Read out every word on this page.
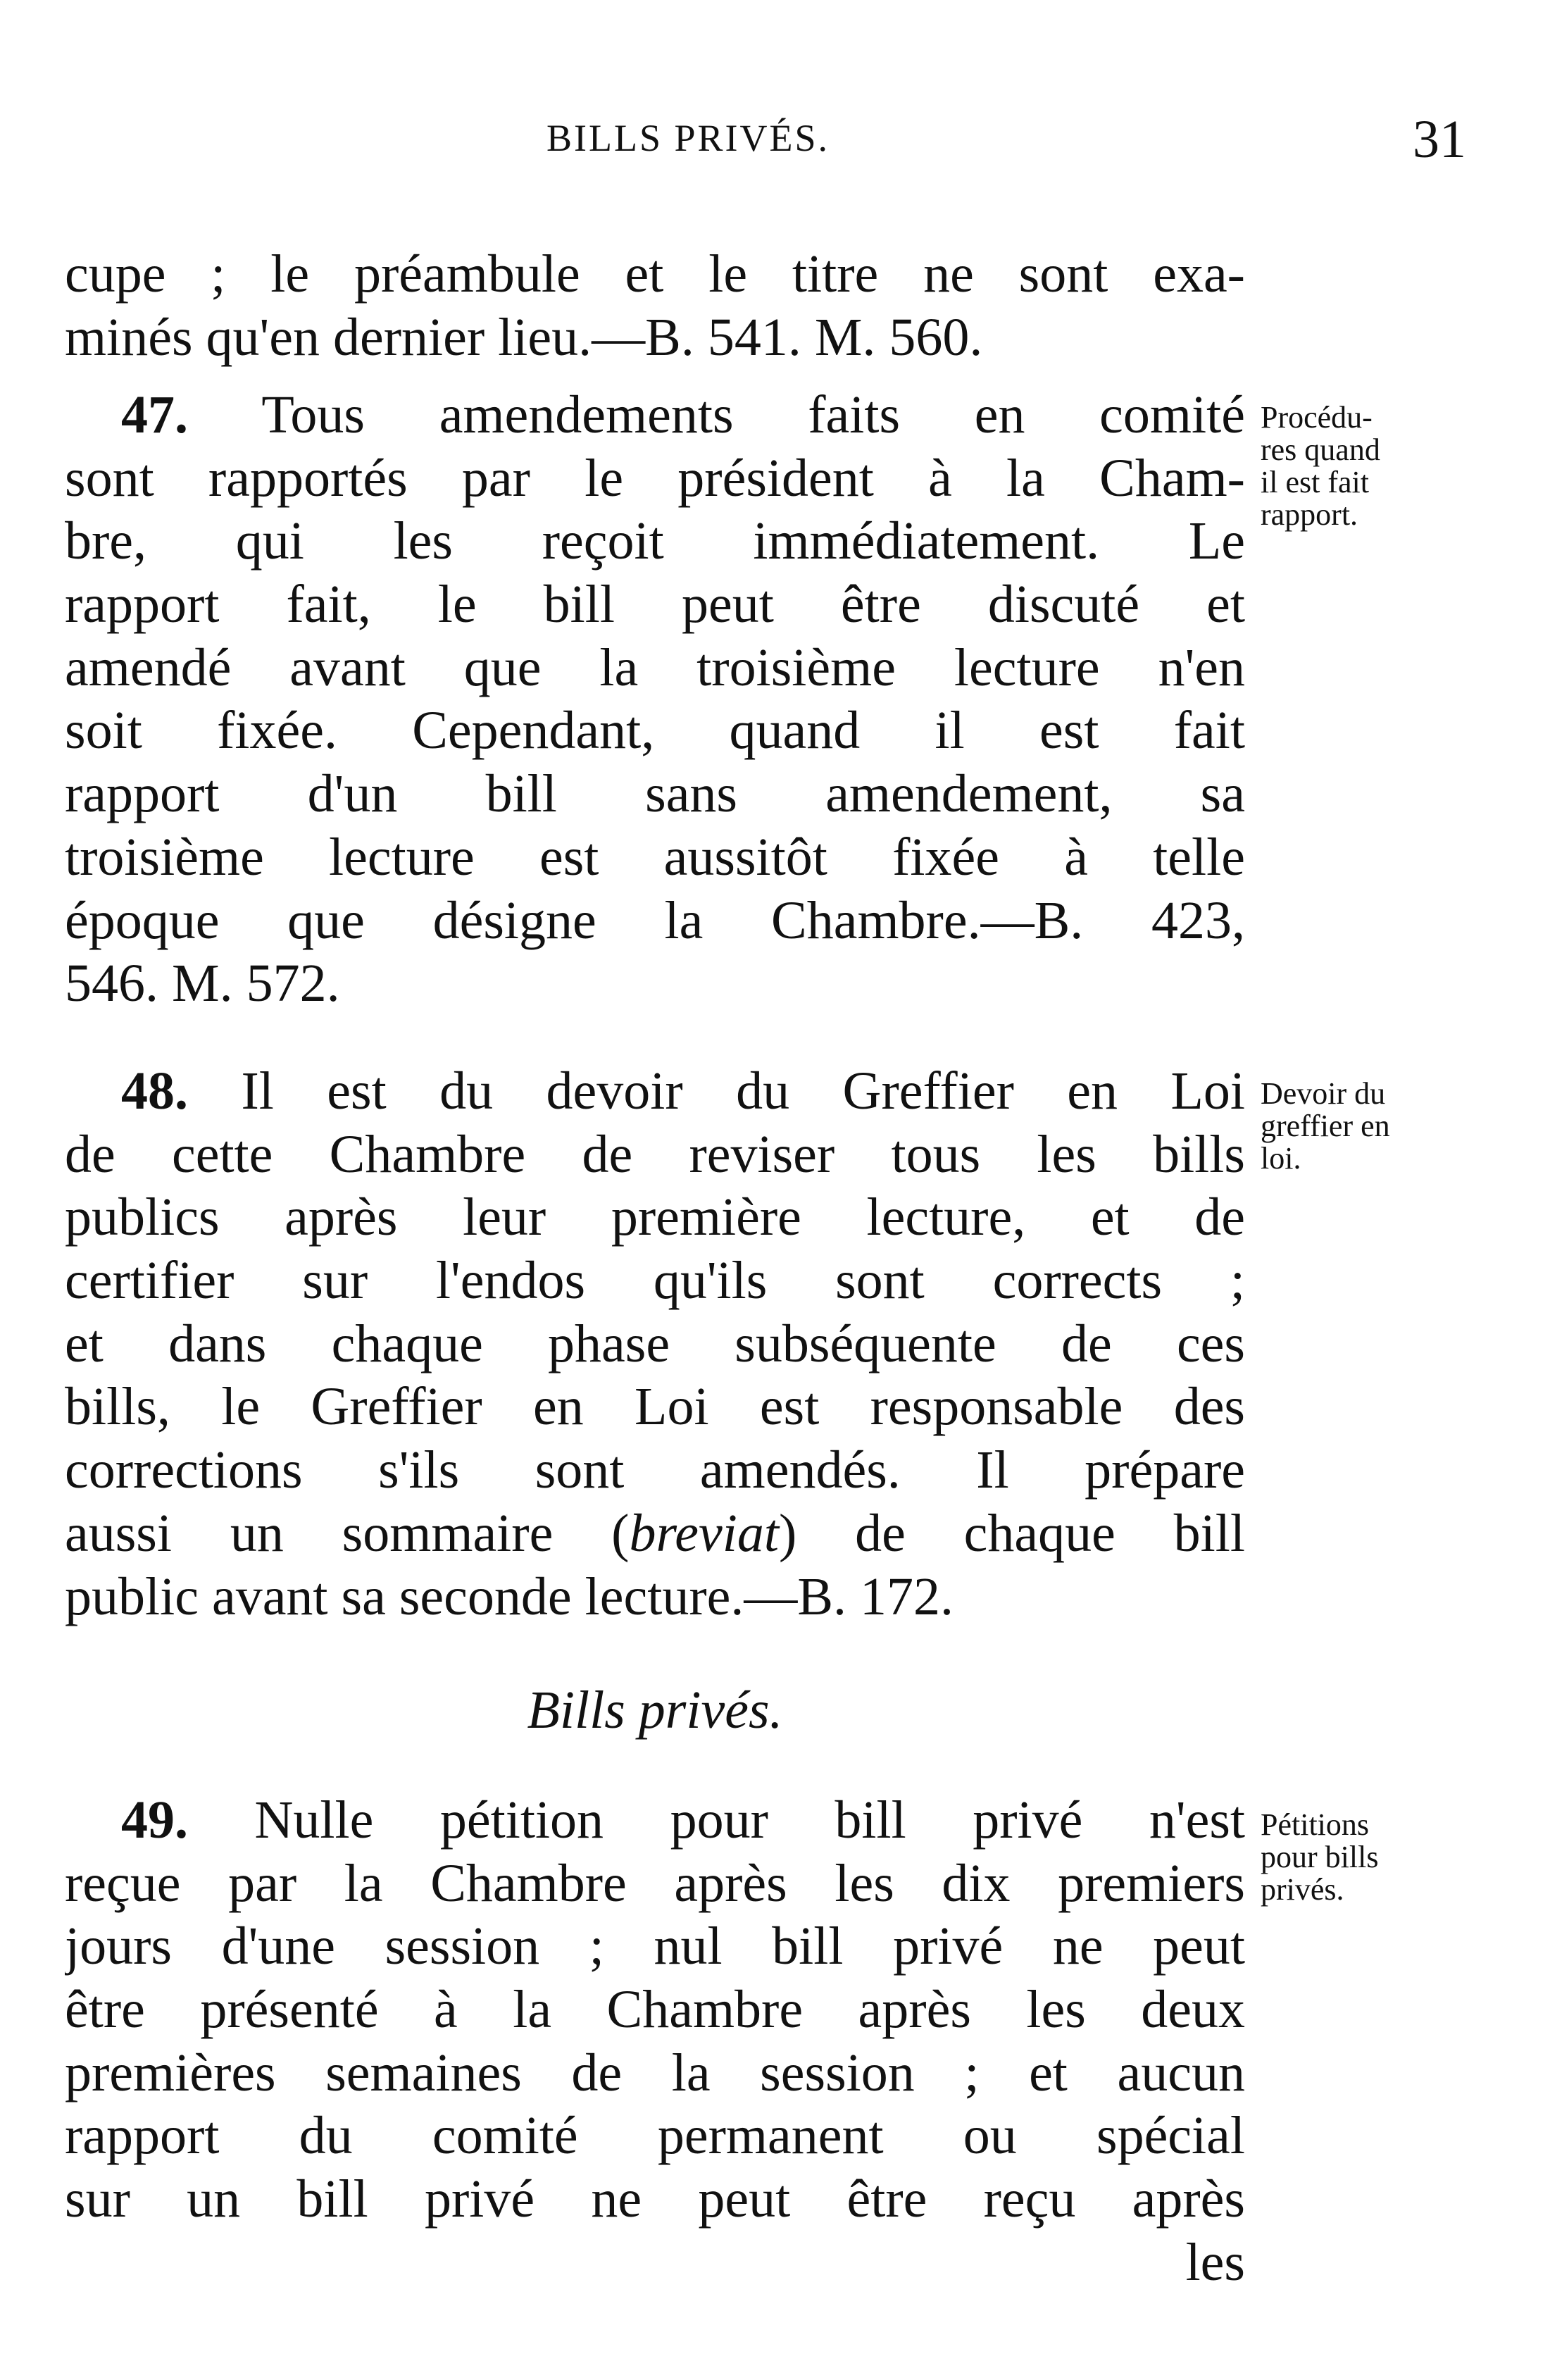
BILLS PRIVÉS.	31
cupe ; le préambule et le titre ne sont exa-
minés qu'en dernier lieu.—B. 541. M. 560.
47. Tous amendements faits en comité
sont rapportés par le président à la Cham-
bre, qui les reçoit immédiatement. Le
rapport fait, le bill peut être discuté et
amendé avant que la troisième lecture n'en
soit fixée. Cependant, quand il est fait
rapport d'un bill sans amendement, sa
troisième lecture est aussitôt fixée à telle
époque que désigne la Chambre.—B. 423,
546. M. 572.
Procédu-
res quand
il est fait
rapport.
48. Il est du devoir du Greffier en Loi
de cette Chambre de reviser tous les bills
publics après leur première lecture, et de
certifier sur l'endos qu'ils sont corrects ;
et dans chaque phase subséquente de ces
bills, le Greffier en Loi est responsable des
corrections s'ils sont amendés. Il prépare
aussi un sommaire (breviat) de chaque bill
public avant sa seconde lecture.—B. 172.
Devoir du
greffier en
loi.
Bills privés.
49. Nulle pétition pour bill privé n'est
reçue par la Chambre après les dix premiers
jours d'une session ; nul bill privé ne peut
être présenté à la Chambre après les deux
premières semaines de la session ; et aucun
rapport du comité permanent ou spécial
sur un bill privé ne peut être reçu après
les
Pétitions
pour bills
privés.
